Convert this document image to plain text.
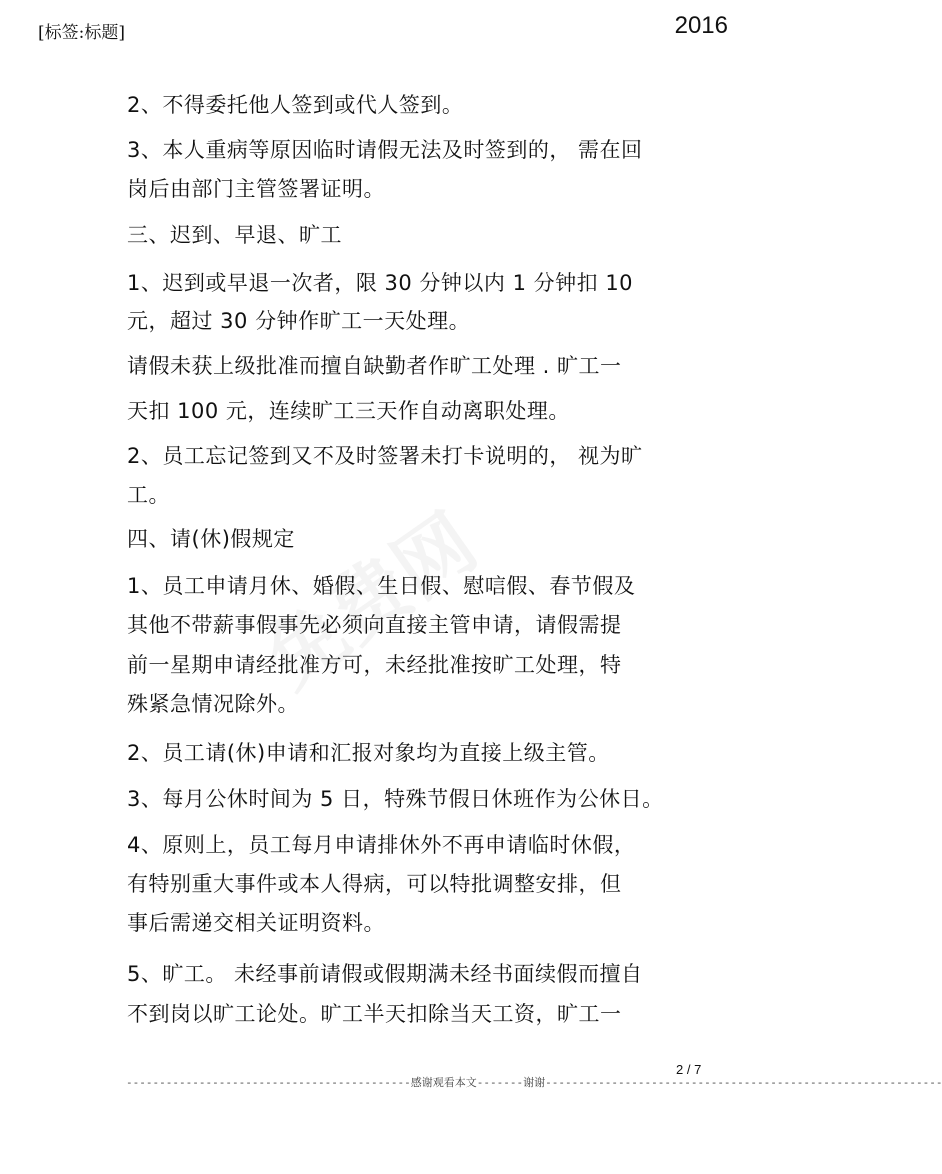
[标签:标题]	2016
2、不得委托他人签到或代人签到。
3、本人重病等原因临时请假无法及时签到的， 需在回
岗后由部门主管签署证明。
三、迟到、早退、旷工
1、迟到或早退一次者，限 30 分钟以内 1 分钟扣 10
元，超过 30 分钟作旷工一天处理。
请假未获上级批准而擅自缺勤者作旷工处理 . 旷工一
天扣 100 元，连续旷工三天作自动离职处理。
2、员工忘记签到又不及时签署未打卡说明的， 视为旷
工。
四、请(休)假规定
1、员工申请月休、婚假、生日假、慰唁假、春节假及
其他不带薪事假事先必须向直接主管申请，请假需提
前一星期申请经批准方可，未经批准按旷工处理，特
殊紧急情况除外。
2、员工请(休)申请和汇报对象均为直接上级主管。
3、每月公休时间为 5 日，特殊节假日休班作为公休日。
4、原则上，员工每月申请排休外不再申请临时休假，
有特别重大事件或本人得病，可以特批调整安排，但
事后需递交相关证明资料。
5、旷工。 未经事前请假或假期满未经书面续假而擅自
不到岗以旷工论处。旷工半天扣除当天工资，旷工一
2 / 7
-------------------------------------------感谢观看本文-------谢谢------------------------------------------------------------
